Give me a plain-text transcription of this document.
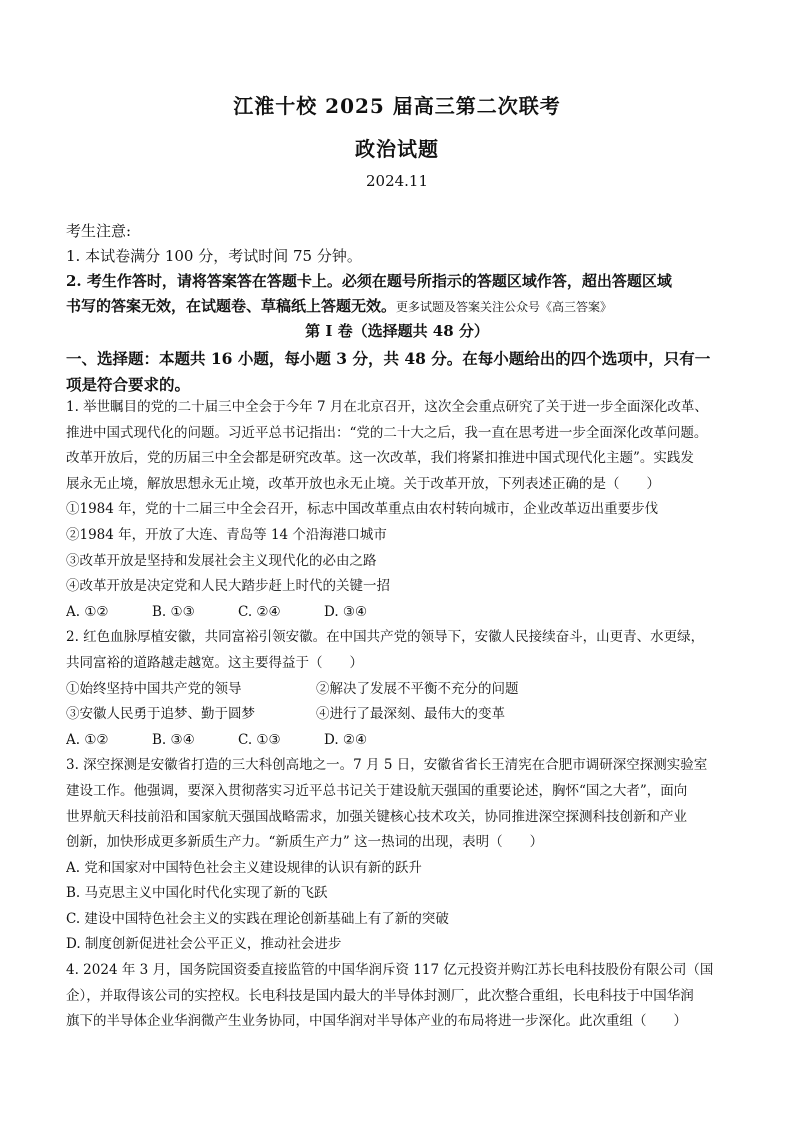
江淮十校 2025 届高三第二次联考
政治试题
2024.11
考生注意:
1. 本试卷满分 100 分，考试时间 75 分钟。
2. 考生作答时，请将答案答在答题卡上。必须在题号所指示的答题区域作答，超出答题区域
书写的答案无效，在试题卷、草稿纸上答题无效。更多试题及答案关注公众号《高三答案》
第 I 卷（选择题共 48 分）
一、选择题：本题共 16 小题，每小题 3 分，共 48 分。在每小题给出的四个选项中，只有一
项是符合要求的。
1. 举世瞩目的党的二十届三中全会于今年 7 月在北京召开，这次全会重点研究了关于进一步全面深化改革、
推进中国式现代化的问题。习近平总书记指出：“党的二十大之后，我一直在思考进一步全面深化改革问题。
改革开放后，党的历届三中全会都是研究改革。这一次改革，我们将紧扣推进中国式现代化主题”。实践发
展永无止境，解放思想永无止境，改革开放也永无止境。关于改革开放，下列表述正确的是（　　）
①1984 年，党的十二届三中全会召开，标志中国改革重点由农村转向城市，企业改革迈出重要步伐
②1984 年，开放了大连、青岛等 14 个沿海港口城市
③改革开放是坚持和发展社会主义现代化的必由之路
④改革开放是决定党和人民大踏步赶上时代的关键一招
A. ①②	B. ①③	C. ②④	D. ③④
2. 红色血脉厚植安徽，共同富裕引领安徽。在中国共产党的领导下，安徽人民接续奋斗，山更青、水更绿，
共同富裕的道路越走越宽。这主要得益于（　　）
①始终坚持中国共产党的领导	②解决了发展不平衡不充分的问题
③安徽人民勇于追梦、勤于圆梦	④进行了最深刻、最伟大的变革
A. ①②	B. ③④	C. ①③	D. ②④
3. 深空探测是安徽省打造的三大科创高地之一。7 月 5 日，安徽省省长王清宪在合肥市调研深空探测实验室
建设工作。他强调，要深入贯彻落实习近平总书记关于建设航天强国的重要论述，胸怀“国之大者”，面向
世界航天科技前沿和国家航天强国战略需求，加强关键核心技术攻关，协同推进深空探测科技创新和产业
创新，加快形成更多新质生产力。“新质生产力” 这一热词的出现，表明（　　）
A. 党和国家对中国特色社会主义建设规律的认识有新的跃升
B. 马克思主义中国化时代化实现了新的飞跃
C. 建设中国特色社会主义的实践在理论创新基础上有了新的突破
D. 制度创新促进社会公平正义，推动社会进步
4. 2024 年 3 月，国务院国资委直接监管的中国华润斥资 117 亿元投资并购江苏长电科技股份有限公司（国
企），并取得该公司的实控权。长电科技是国内最大的半导体封测厂，此次整合重组，长电科技于中国华润
旗下的半导体企业华润微产生业务协同，中国华润对半导体产业的布局将进一步深化。此次重组（　　）
